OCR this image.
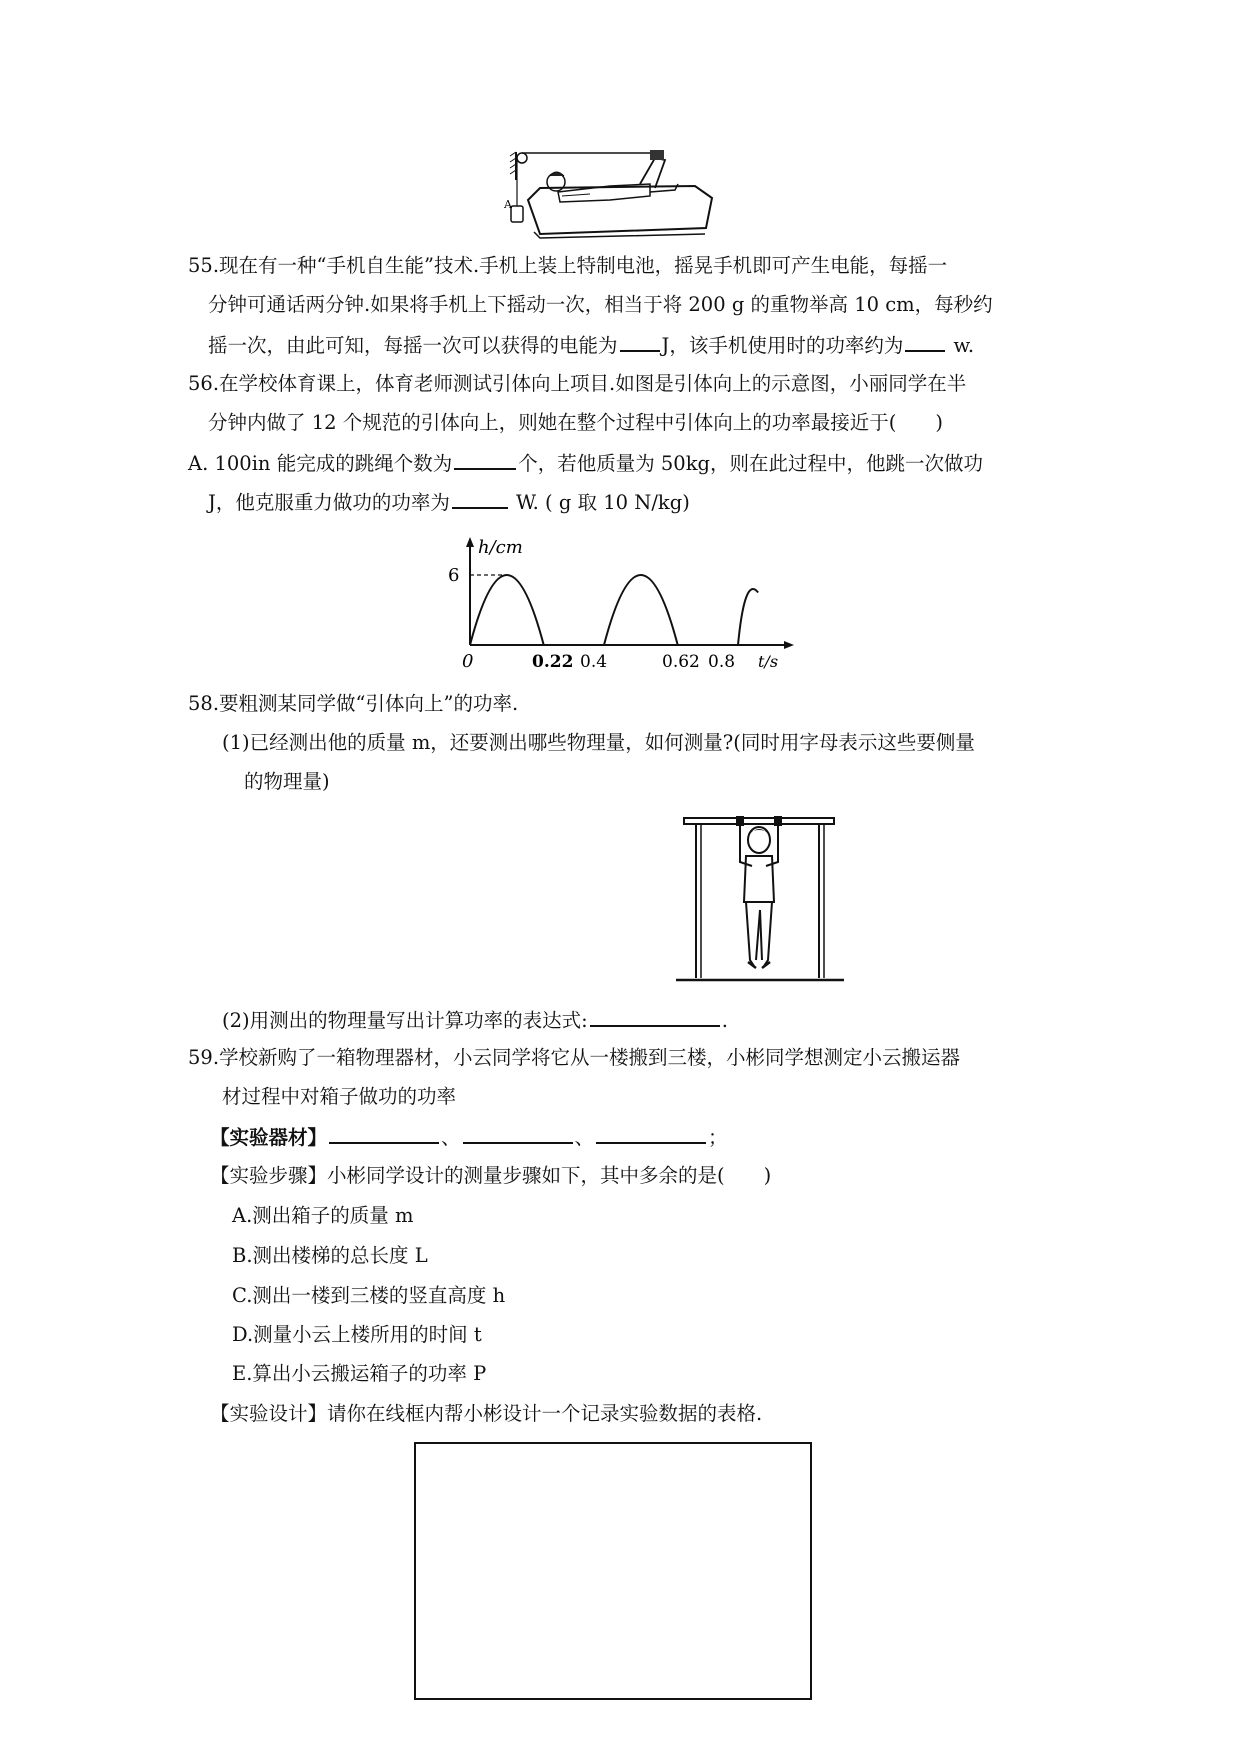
A
55.现在有一种“手机自生能”技术.手机上装上特制电池，摇晃手机即可产生电能，每摇一
分钟可通话两分钟.如果将手机上下摇动一次，相当于将 200 g 的重物举高 10 cm，每秒约
摇一次，由此可知，每摇一次可以获得的电能为 J，该手机使用时的功率约为	w.
56.在学校体育课上，体育老师测试引体向上项目.如图是引体向上的示意图，小丽同学在半
分钟内做了 12 个规范的引体向上，则她在整个过程中引体向上的功率最接近于(　　)
A. 100in 能完成的跳绳个数为	个，若他质量为 50kg，则在此过程中，他跳一次做功
J，他克服重力做功的功率为	W. ( g 取 10 N/kg)
h/cm
6
0	0.22 0.4	0.62 0.8 t/s
58.要粗测某同学做“引体向上”的功率.
(1)已经测出他的质量 m，还要测出哪些物理量，如何测量?(同时用字母表示这些要侧量
的物理量)
(2)用测出的物理量写出计算功率的表达式:	.
59.学校新购了一箱物理器材，小云同学将它从一楼搬到三楼，小彬同学想测定小云搬运器
材过程中对箱子做功的功率
【实验器材】	、	、	；
【实验步骤】小彬同学设计的测量步骤如下，其中多余的是(　　)
A.测出箱子的质量 m
B.测出楼梯的总长度 L
C.测出一楼到三楼的竖直高度 h
D.测量小云上楼所用的时间 t
E.算出小云搬运箱子的功率 P
【实验设计】请你在线框内帮小彬设计一个记录实验数据的表格.
